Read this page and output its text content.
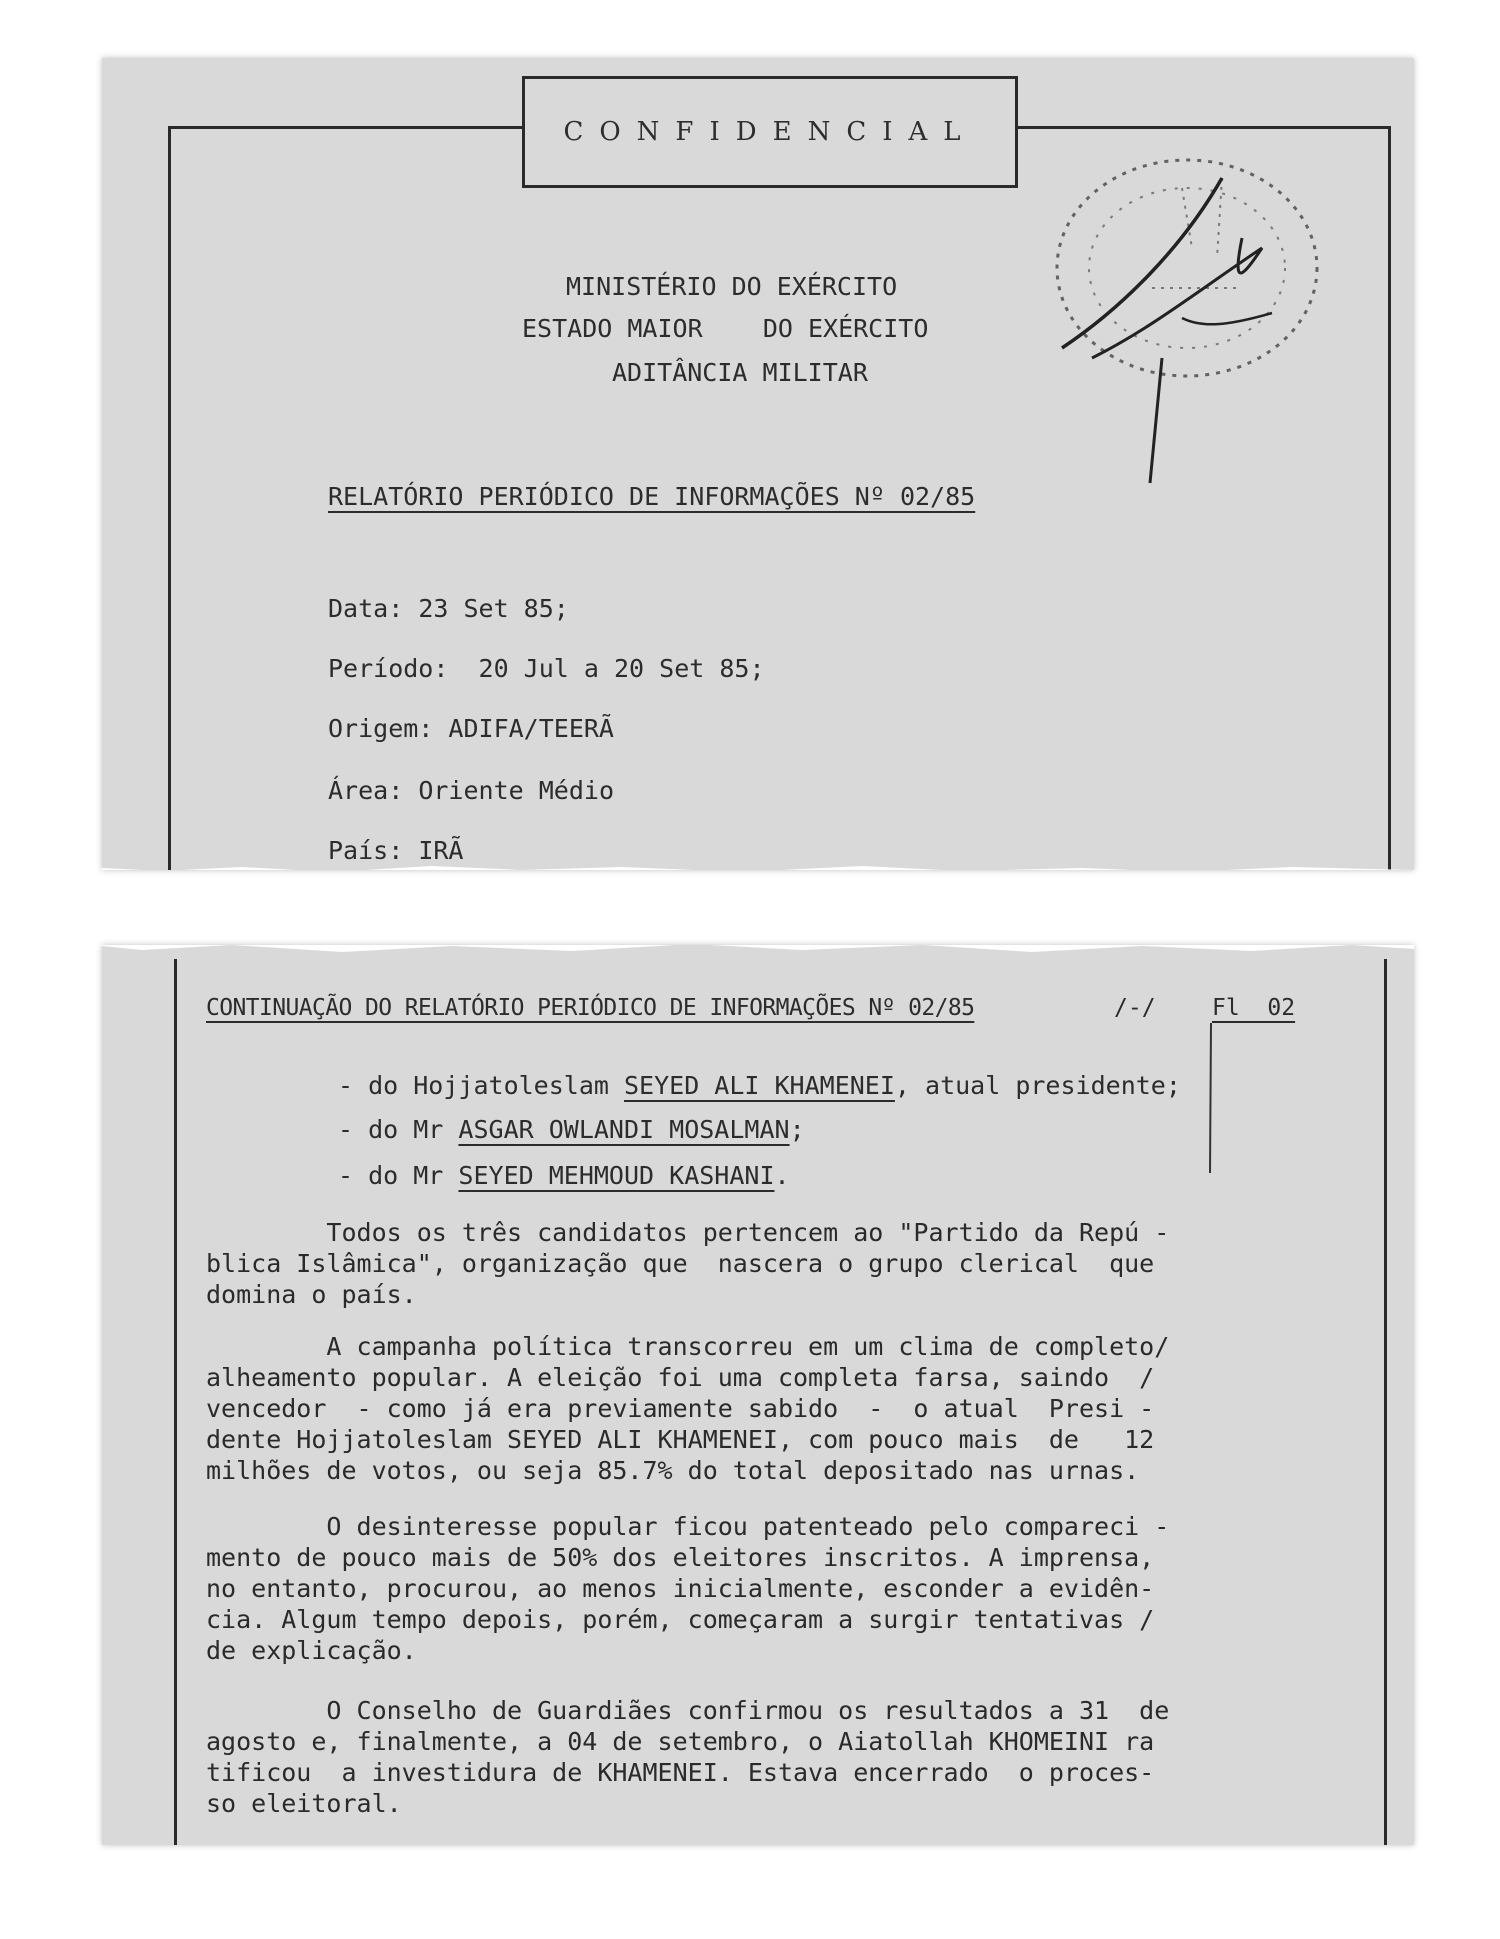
CONFIDENCIAL
MINISTÉRIO DO EXÉRCITO
ESTADO MAIOR    DO EXÉRCITO
ADITÂNCIA MILITAR
RELATÓRIO PERIÓDICO DE INFORMAÇÕES Nº 02/85
Data: 23 Set 85;
Período: 20 Jul a 20 Set 85;
Origem: ADIFA/TEERÃ
Área: Oriente Médio
País: IRÃ
CONTINUAÇÃO DO RELATÓRIO PERIÓDICO DE INFORMAÇÕES Nº 02/85	/-/ Fl  02
- do Hojjatoleslam SEYED ALI KHAMENEI, atual presidente;
- do Mr ASGAR OWLANDI MOSALMAN;
- do Mr SEYED MEHMOUD KASHANI.
Todos os três candidatos pertencem ao "Partido da Repú -
blica Islâmica", organização que  nascera o grupo clerical  que
domina o país.
A campanha política transcorreu em um clima de completo/
alheamento popular. A eleição foi uma completa farsa, saindo  /
vencedor  - como já era previamente sabido  -  o atual  Presi -
dente Hojjatoleslam SEYED ALI KHAMENEI, com pouco mais  de   12
milhões de votos, ou seja 85.7% do total depositado nas urnas.
O desinteresse popular ficou patenteado pelo compareci -
mento de pouco mais de 50% dos eleitores inscritos. A imprensa,
no entanto, procurou, ao menos inicialmente, esconder a evidên-
cia. Algum tempo depois, porém, começaram a surgir tentativas /
de explicação.
O Conselho de Guardiães confirmou os resultados a 31  de
agosto e, finalmente, a 04 de setembro, o Aiatollah KHOMEINI ra
tificou  a investidura de KHAMENEI. Estava encerrado  o proces-
so eleitoral.
